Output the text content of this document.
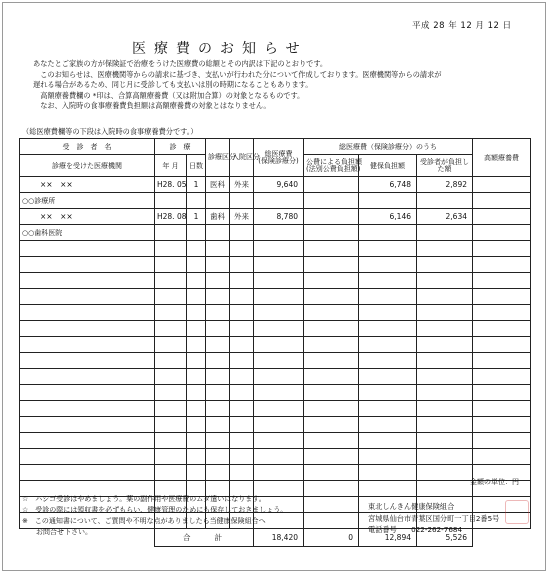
平成 28 年 12 月 12 日
医療費のお知らせ
あなたとご家族の方が保険証で治療をうけた医療費の総額とその内訳は下記のとおりです。
　このお知らせは、医療機関等からの請求に基づき、支払いが行われた分について作成しております。医療機関等からの請求が
遅れる場合があるため、同じ月に受診しても支払いは別の時期になることもあります。
　高額療養費欄の *印は、合算高額療養費（又は附加合算）の対象となるものです。
　なお、入院時の食事療養費負担額は高額療養費の対象とはなりません。
（総医療費欄等の下段は入院時の食事療養費分です。）
受　診　者　名	診　療		診療区分	入院区分	総医療費
(保険診療分)	総医療費（保険診療分）のうち			高額療養費
診療を受けた医療機関	年 月	日数				公費による負担額
(法別公費負担額)	健保負担額	受診者が負担した額	
××　××	H28. 05	1	医科	外来	9,640		6,748	2,892	
○○診療所									
××　××	H28. 08	1	歯科	外来	8,780		6,146	2,634	
○○歯科医院									

	合　　計				18,420	0	12,894	5,526	
金額の単位：円
☆　ハシゴ受診はやめましょう。薬の副作用や医療費のムダ遣いになります。
☆　受診の際には領収書を必ずもらい、健康管理のためにも保存しておきましょう。
※　この通知書について、ご質問や不明な点がありましたら当健康保険組合へ
　　お問合せ下さい。
東北しんきん健康保険組合
宮城県仙台市青葉区国分町一丁目2番5号
電話番号　　022-262-7684
